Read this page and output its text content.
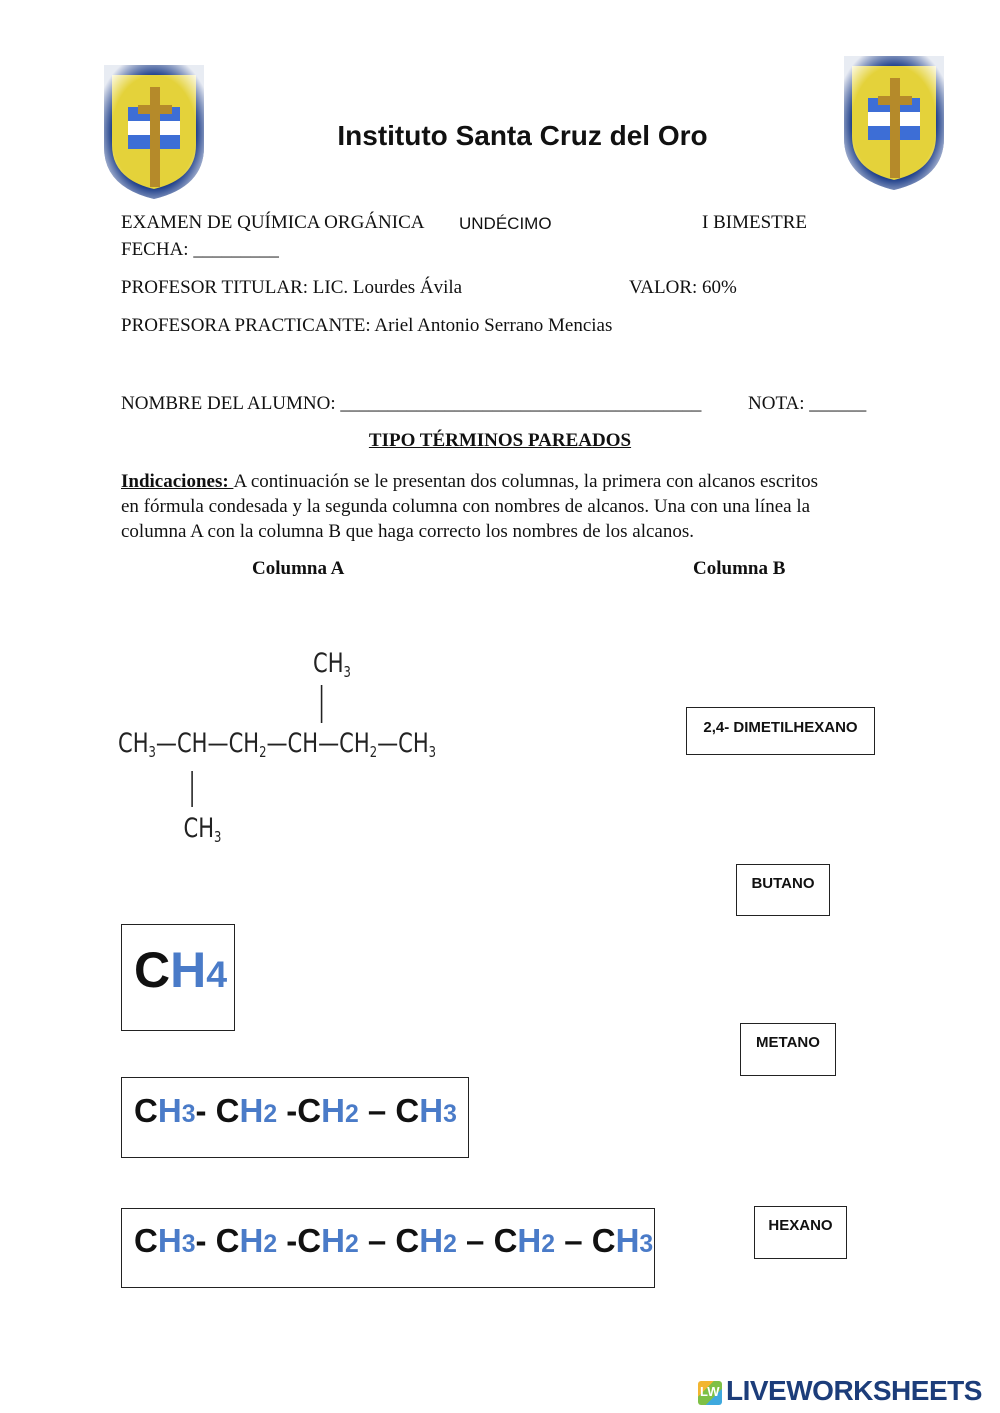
Instituto Santa Cruz del Oro
EXAMEN DE QUÍMICA ORGÁNICA UNDÉCIMO	I BIMESTRE
FECHA: _________
PROFESOR TITULAR: LIC. Lourdes Ávila	VALOR: 60%
PROFESORA PRACTICANTE: Ariel Antonio Serrano Mencias
NOMBRE DEL ALUMNO: ______________________________________ NOTA: ______
TIPO TÉRMINOS PAREADOS
Indicaciones: A continuación se le presentan dos columnas, la primera con alcanos escritos
en fórmula condesada y la segunda columna con nombres de alcanos. Una con una línea la
columna A con la columna B que haga correcto los nombres de los alcanos.
Columna A	Columna B
CH3
CH3—CH—CH2—CH—CH2—CH3
CH3
CH4
CH3- CH2 -CH2 – CH3
CH3- CH2 -CH2 – CH2 – CH2 – CH3
2,4- DIMETILHEXANO
BUTANO
METANO
HEXANO
LW LIVEWORKSHEETS
